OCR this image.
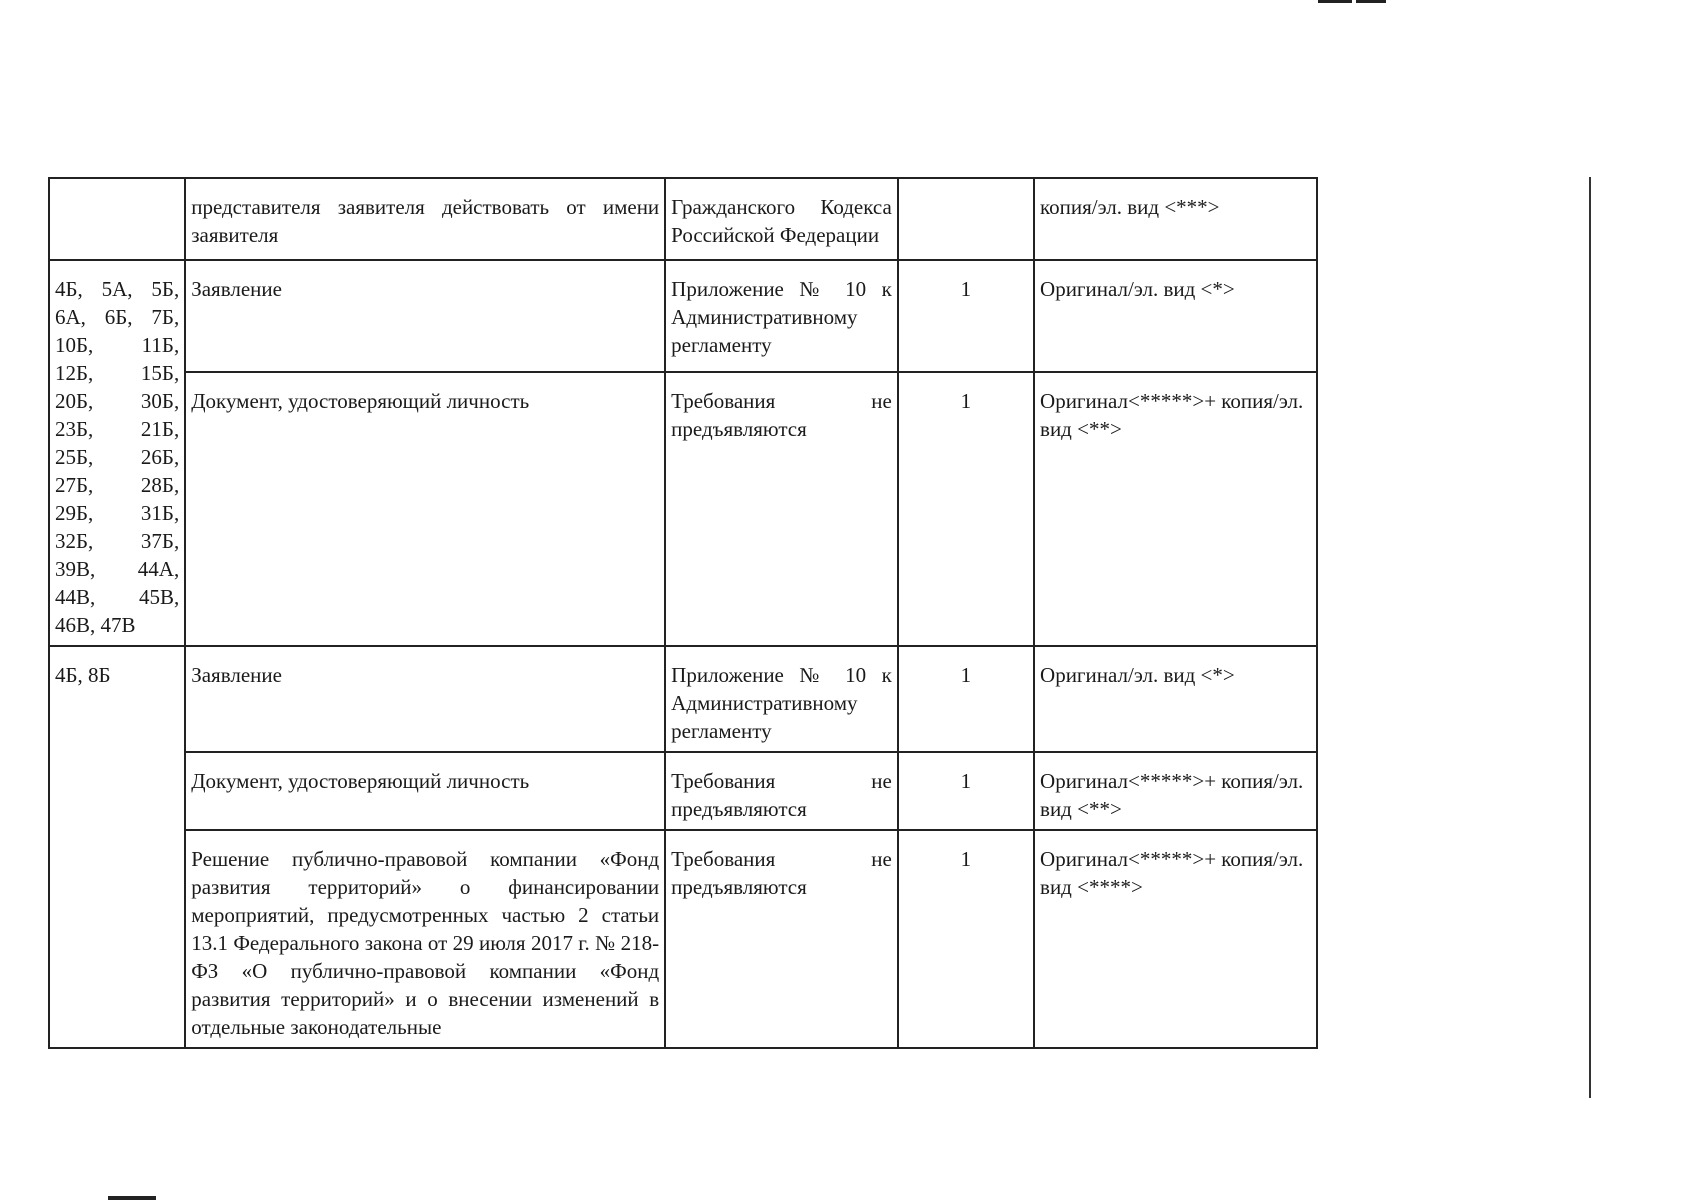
	представителя заявителя действовать от имени заявителя	Гражданского Кодекса Российской Федерации		копия/эл. вид <***>
4Б, 5А, 5Б, 6А, 6Б, 7Б, 10Б, 11Б, 12Б, 15Б, 20Б, 30Б, 23Б, 21Б, 25Б, 26Б, 27Б, 28Б, 29Б, 31Б, 32Б, 37Б, 39В, 44А, 44В, 45В, 46В, 47В	Заявление	Приложение № 10 к Административному регламенту	1	Оригинал/эл. вид <*>
	Документ, удостоверяющий личность	Требования не предъявляются	1	Оригинал<*****>+ копия/эл. вид <**>
4Б, 8Б	Заявление	Приложение № 10 к Административному регламенту	1	Оригинал/эл. вид <*>
	Документ, удостоверяющий личность	Требования не предъявляются	1	Оригинал<*****>+ копия/эл. вид <**>
	Решение публично-правовой компании «Фонд развития территорий» о финансировании мероприятий, предусмотренных частью 2 статьи 13.1 Федерального закона от 29 июля 2017 г. № 218-ФЗ «О публично-правовой компании «Фонд развития территорий» и о внесении изменений в отдельные законодательные	Требования не предъявляются	1	Оригинал<*****>+ копия/эл. вид <****>
